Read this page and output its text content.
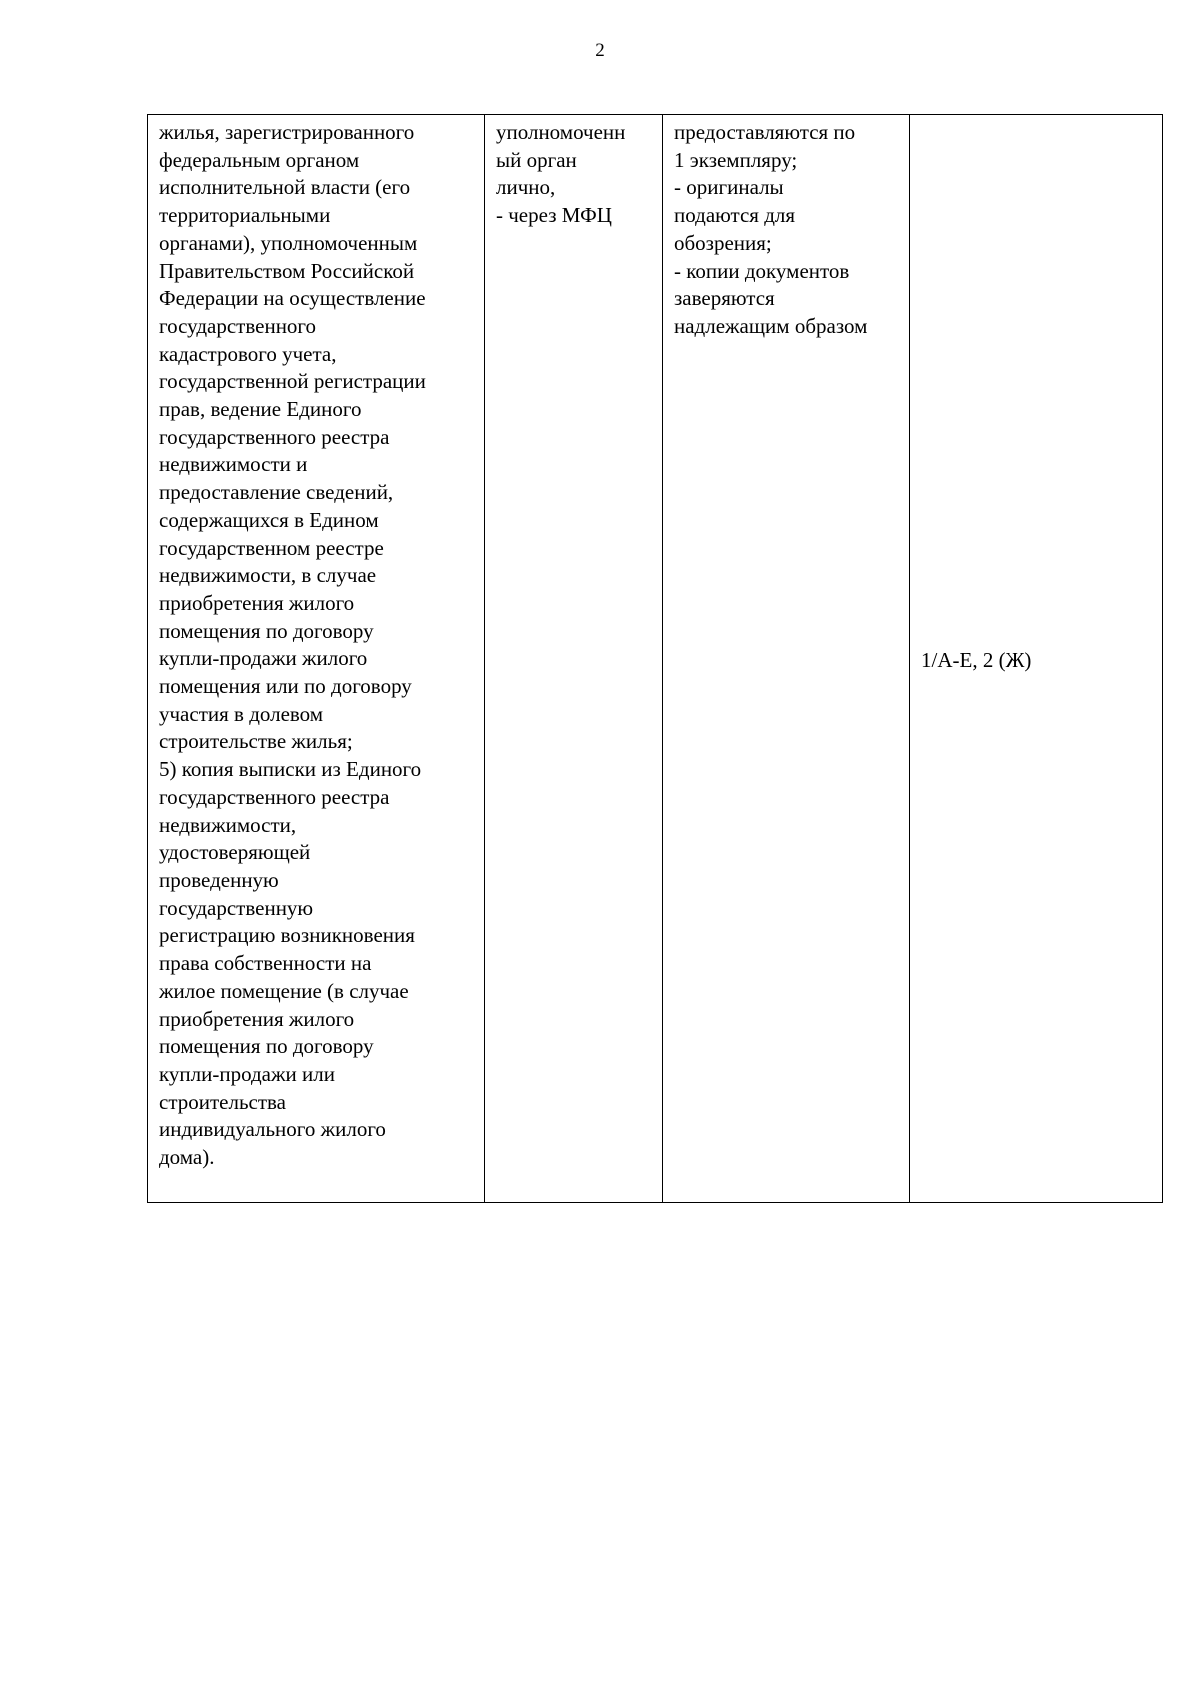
2
жилья, зарегистрированного
федеральным органом
исполнительной власти (его
территориальными
органами), уполномоченным
Правительством Российской
Федерации на осуществление
государственного
кадастрового учета,
государственной регистрации
прав, ведение Единого
государственного реестра
недвижимости и
предоставление сведений,
содержащихся в Едином
государственном реестре
недвижимости, в случае
приобретения жилого
помещения по договору
купли-продажи жилого
помещения или по договору
участия в долевом
строительстве жилья;
5) копия выписки из Единого
государственного реестра
недвижимости,
удостоверяющей
проведенную
государственную
регистрацию возникновения
права собственности на
жилое помещение (в случае
приобретения жилого
помещения по договору
купли-продажи или
строительства
индивидуального жилого
дома).

уполномоченн
ый орган
лично,
- через МФЦ

предоставляются по
1 экземпляру;
- оригиналы
подаются для
обозрения;
- копии документов
заверяются
надлежащим образом
	1/А-Е, 2 (Ж)
